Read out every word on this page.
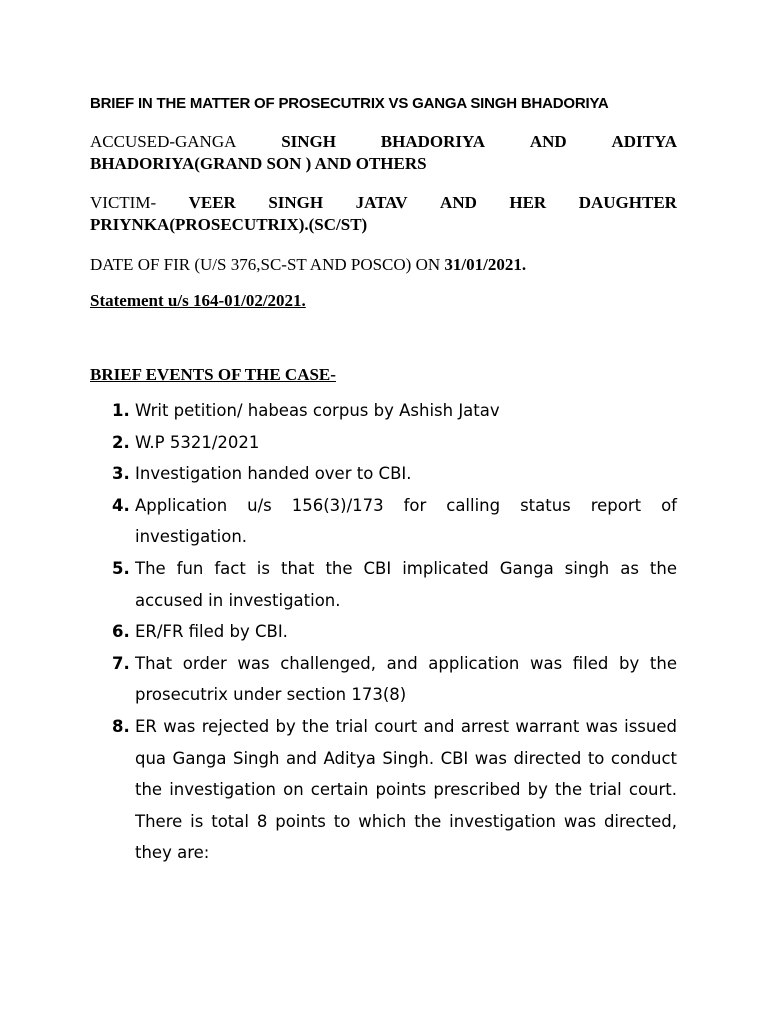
BRIEF IN THE MATTER OF PROSECUTRIX VS GANGA SINGH BHADORIYA
ACCUSED-GANGA	SINGH	BHADORIYA	AND	ADITYA
BHADORIYA(GRAND SON ) AND OTHERS
VICTIM- VEER SINGH JATAV AND HER DAUGHTER
PRIYNKA(PROSECUTRIX).(SC/ST)
DATE OF FIR (U/S 376,SC-ST AND POSCO) ON 31/01/2021.
Statement u/s 164-01/02/2021.
BRIEF EVENTS OF THE CASE-
1. Writ petition/ habeas corpus by Ashish Jatav
2. W.P 5321/2021
3. Investigation handed over to CBI.
4. Application u/s 156(3)/173 for calling status report of investigation.
5. The fun fact is that the CBI implicated Ganga singh as the accused in investigation.
6. ER/FR filed by CBI.
7. That order was challenged, and application was filed by the prosecutrix under section 173(8)
8. ER was rejected by the trial court and arrest warrant was issued qua Ganga Singh and Aditya Singh. CBI was directed to conduct the investigation on certain points prescribed by the trial court. There is total 8 points to which the investigation was directed, they are:
